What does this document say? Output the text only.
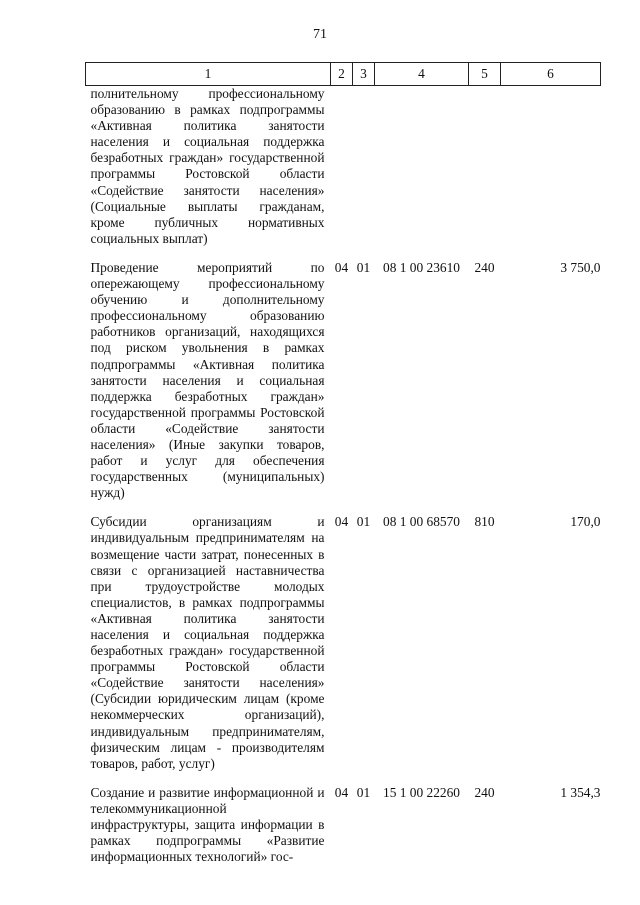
71
1	2	3	4	5	6
полнительному профессиональному образованию в рамках подпрограммы «Активная политика занятости населения и социальная поддержка безработных граждан» государственной программы Ростовской области «Содействие занятости населения» (Социальные выплаты гражданам, кроме публичных нормативных социальных выплат)					
Проведение мероприятий по опережающему профессиональному обучению и дополнительному профессиональному образованию работников организаций, находящихся под риском увольнения в рамках подпрограммы «Активная политика занятости населения и социальная поддержка безработных граждан» государственной программы Ростовской области «Содействие занятости населения» (Иные закупки товаров, работ и услуг для обеспечения государственных (муниципальных) нужд)	04	01	08 1 00 23610	240	3 750,0
Субсидии организациям и индивидуальным предпринимателям на возмещение части затрат, понесенных в связи с организацией наставничества при трудоустройстве молодых специалистов, в рамках подпрограммы «Активная политика занятости населения и социальная поддержка безработных граждан» государственной программы Ростовской области «Содействие занятости населения» (Субсидии юридическим лицам (кроме некоммерческих организаций), индивидуальным предпринимателям, физическим лицам - производителям товаров, работ, услуг)	04	01	08 1 00 68570	810	170,0
Создание и развитие информационной и телекоммуникационной инфраструктуры, защита информации в рамках подпрограммы «Развитие информационных технологий» гос-	04	01	15 1 00 22260	240	1 354,3
